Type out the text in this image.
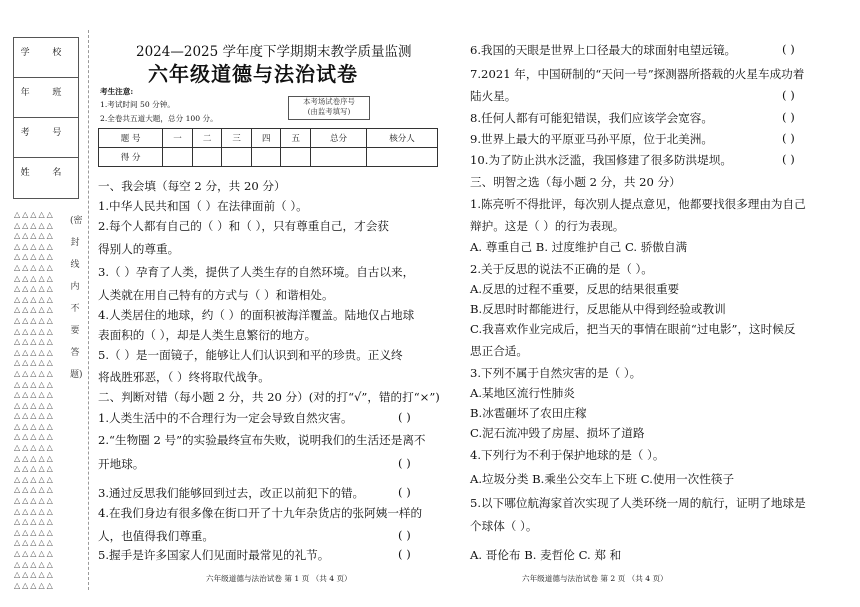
学 校
年 班
考 号
姓 名
△△△△△
△△△△△
△△△△△
△△△△△
△△△△△
△△△△△
△△△△△
△△△△△
△△△△△
△△△△△
△△△△△
△△△△△
△△△△△
△△△△△
△△△△△
△△△△△
△△△△△
△△△△△
△△△△△
△△△△△
△△△△△
△△△△△
△△△△△
△△△△△
△△△△△
△△△△△
△△△△△
△△△△△
△△△△△
△△△△△
△△△△△
△△△△△
△△△△△
△△△△△
△△△△△
△△△△△
(密
封
线
内
不
要
答
题)
2024—2025 学年度下学期期末教学质量监测
六年级道德与法治试卷
考生注意:
1.考试时间 50 分钟。
2.全卷共五道大题，总分 100 分。
本考场试卷序号
(由监考填写)
题 号	一	二	三	四	五	总分	核分人
得 分							
一、我会填（每空 2 分，共 20 分）
1.中华人民共和国（ ）在法律面前（ ）。
2.每个人都有自己的（ ）和（ ），只有尊重自己，才会获
得别人的尊重。
3.（ ）孕育了人类，提供了人类生存的自然环境。自古以来，
人类就在用自己特有的方式与（ ）和谐相处。
4.人类居住的地球，约（ ）的面积被海洋覆盖。陆地仅占地球
表面积的（ ），却是人类生息繁衍的地方。
5.（ ）是一面镜子，能够让人们认识到和平的珍贵。正义终
将战胜邪恶，（ ）终将取代战争。
二、判断对错（每小题 2 分，共 20 分）(对的打“√”，错的打“×”)
1.人类生活中的不合理行为一定会导致自然灾害。
2.“生物圈 2 号”的实验最终宣布失败，说明我们的生活还是离不
开地球。
3.通过反思我们能够回到过去，改正以前犯下的错。
4.在我们身边有很多像在街口开了十九年杂货店的张阿姨一样的
人，也值得我们尊重。
5.握手是许多国家人们见面时最常见的礼节。
( )
( )
( )
( )
( )
六年级道德与法治试卷 第 1 页 （共 4 页）
6.我国的天眼是世界上口径最大的球面射电望远镜。
7.2021 年，中国研制的“天问一号”探测器所搭载的火星车成功着
陆火星。
8.任何人都有可能犯错误，我们应该学会宽容。
9.世界上最大的平原亚马孙平原，位于北美洲。
10.为了防止洪水泛滥，我国修建了很多防洪堤坝。
三、明智之选（每小题 2 分，共 20 分）
1.陈亮听不得批评，每次别人提点意见，他都要找很多理由为自己
辩护。这是（ ）的行为表现。
A. 尊重自己 B. 过度维护自己 C. 骄傲自满
2.关于反思的说法不正确的是（ ）。
A.反思的过程不重要，反思的结果很重要
B.反思时时都能进行，反思能从中得到经验或教训
C.我喜欢作业完成后，把当天的事情在眼前“过电影”，这时候反
思正合适。
3.下列不属于自然灾害的是（ ）。
A.某地区流行性肺炎
B.冰雹砸坏了农田庄稼
C.泥石流冲毁了房屋、损坏了道路
4.下列行为不利于保护地球的是（ ）。
A.垃圾分类 B.乘坐公交车上下班 C.使用一次性筷子
5.以下哪位航海家首次实现了人类环绕一周的航行，证明了地球是
个球体（ ）。
A. 哥伦布 B. 麦哲伦 C. 郑 和
( )
( )
( )
( )
( )
六年级道德与法治试卷 第 2 页 （共 4 页）
